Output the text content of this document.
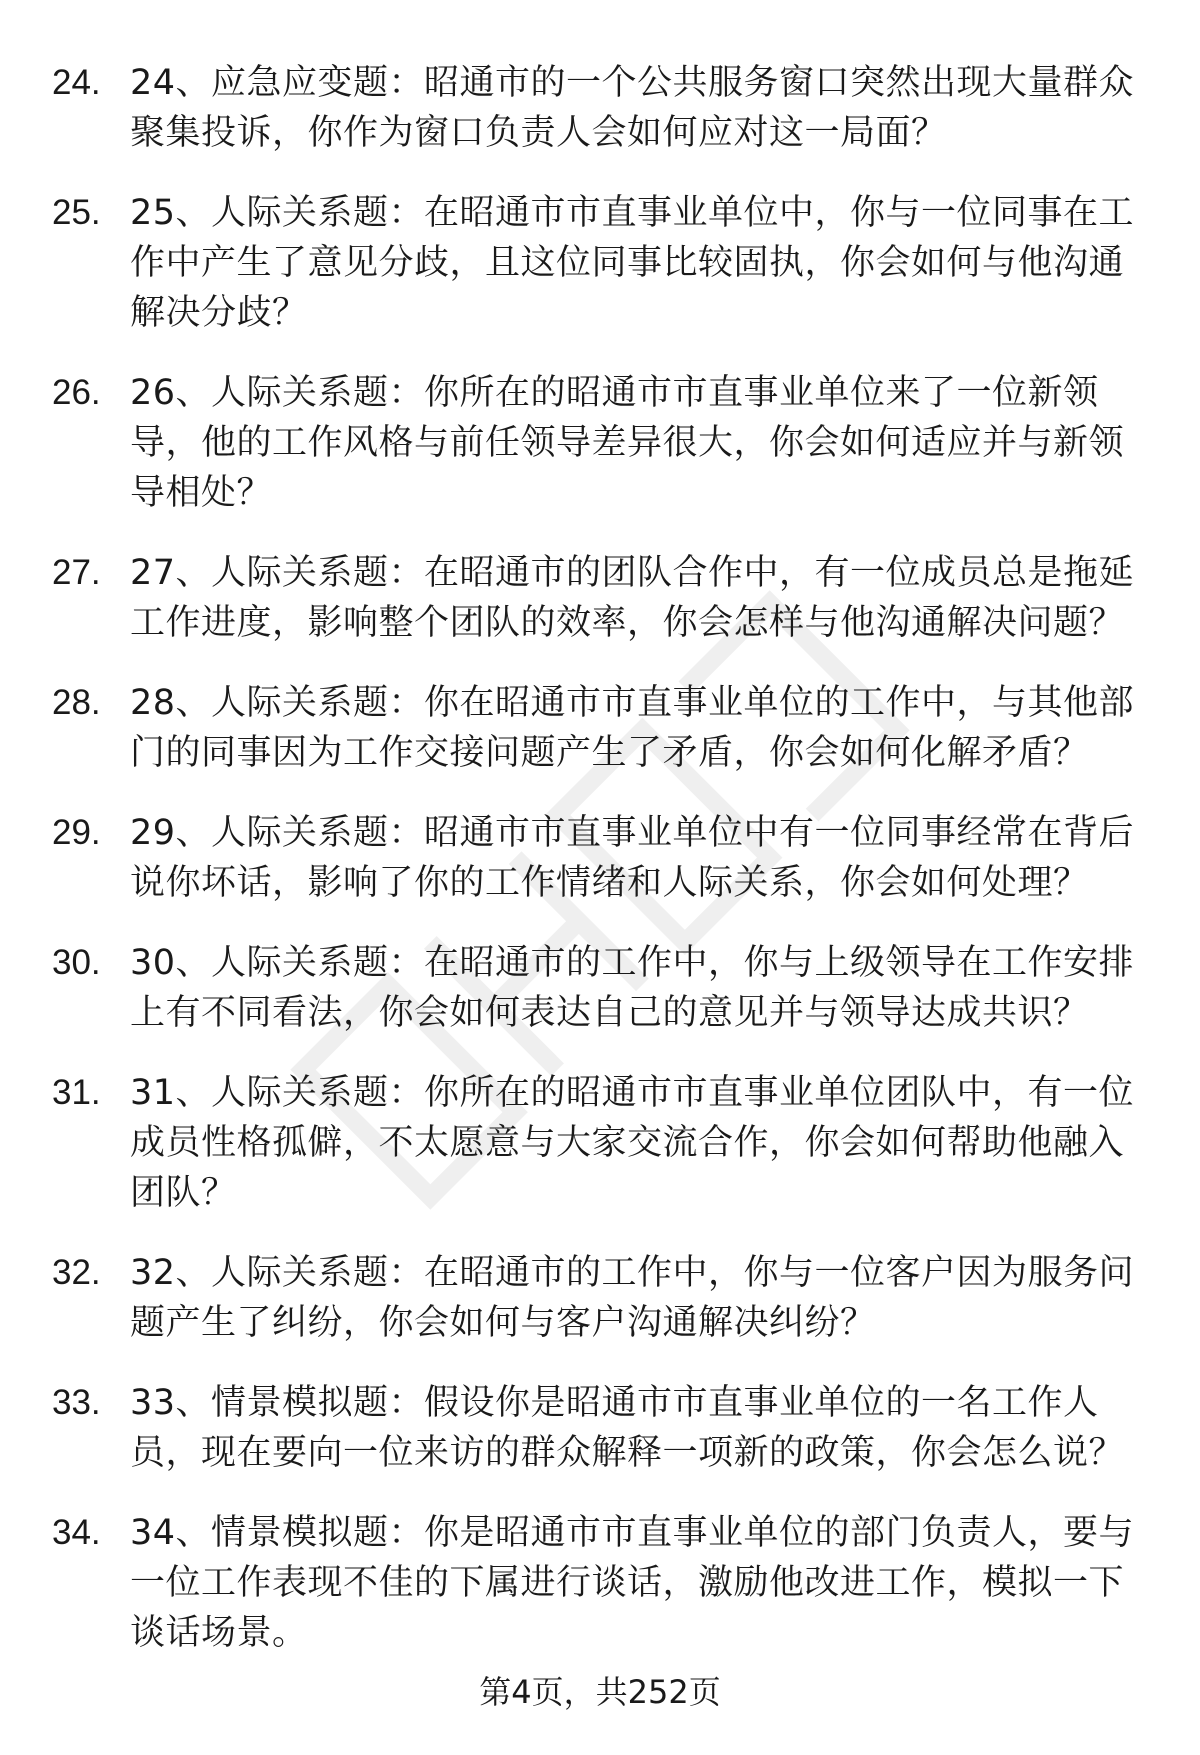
24. 24、应急应变题：昭通市的一个公共服务窗口突然出现大量群众聚集投诉，你作为窗口负责人会如何应对这一局面？
25. 25、人际关系题：在昭通市市直事业单位中，你与一位同事在工作中产生了意见分歧，且这位同事比较固执，你会如何与他沟通解决分歧？
26. 26、人际关系题：你所在的昭通市市直事业单位来了一位新领导，他的工作风格与前任领导差异很大，你会如何适应并与新领导相处？
27. 27、人际关系题：在昭通市的团队合作中，有一位成员总是拖延工作进度，影响整个团队的效率，你会怎样与他沟通解决问题？
28. 28、人际关系题：你在昭通市市直事业单位的工作中，与其他部门的同事因为工作交接问题产生了矛盾，你会如何化解矛盾？
29. 29、人际关系题：昭通市市直事业单位中有一位同事经常在背后说你坏话，影响了你的工作情绪和人际关系，你会如何处理？
30. 30、人际关系题：在昭通市的工作中，你与上级领导在工作安排上有不同看法，你会如何表达自己的意见并与领导达成共识？
31. 31、人际关系题：你所在的昭通市市直事业单位团队中，有一位成员性格孤僻，不太愿意与大家交流合作，你会如何帮助他融入团队？
32. 32、人际关系题：在昭通市的工作中，你与一位客户因为服务问题产生了纠纷，你会如何与客户沟通解决纠纷？
33. 33、情景模拟题：假设你是昭通市市直事业单位的一名工作人员，现在要向一位来访的群众解释一项新的政策，你会怎么说？
34. 34、情景模拟题：你是昭通市市直事业单位的部门负责人，要与一位工作表现不佳的下属进行谈话，激励他改进工作，模拟一下谈话场景。
第4页，共252页
